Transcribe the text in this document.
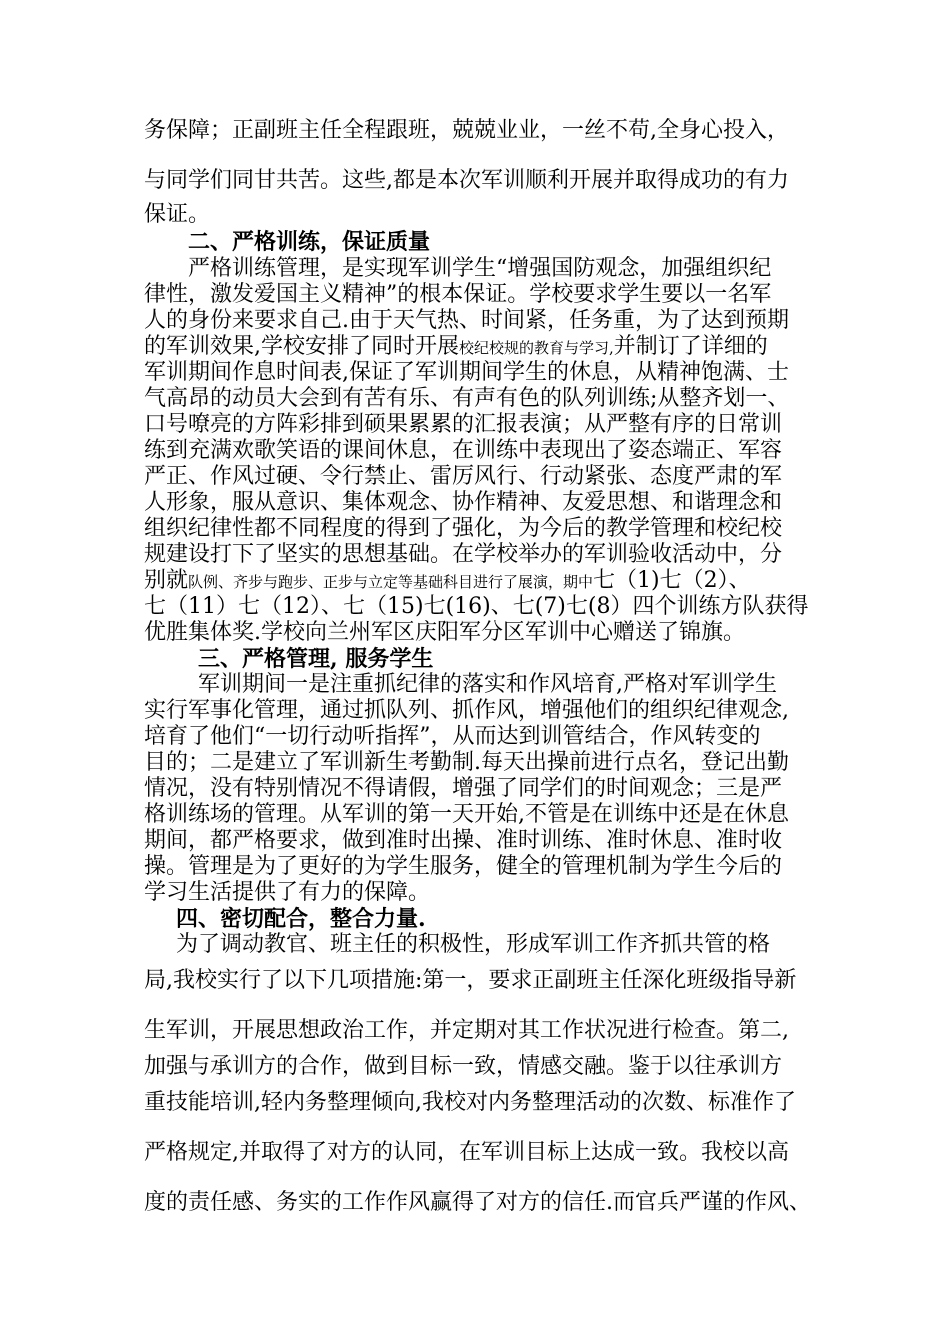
务保障；正副班主任全程跟班，兢兢业业，一丝不苟,全身心投入，

与同学们同甘共苦。这些,都是本次军训顺利开展并取得成功的有力

保证。

二、严格训练，保证质量

严格训练管理，是实现军训学生“增强国防观念，加强组织纪

律性，激发爱国主义精神”的根本保证。学校要求学生要以一名军

人的身份来要求自己.由于天气热、时间紧，任务重，为了达到预期

的军训效果,学校安排了同时开展校纪校规的教育与学习,并制订了详细的

军训期间作息时间表,保证了军训期间学生的休息，从精神饱满、士

气高昂的动员大会到有苦有乐、有声有色的队列训练;从整齐划一、

口号嘹亮的方阵彩排到硕果累累的汇报表演；从严整有序的日常训

练到充满欢歌笑语的课间休息，在训练中表现出了姿态端正、军容

严正、作风过硬、令行禁止、雷厉风行、行动紧张、态度严肃的军

人形象，服从意识、集体观念、协作精神、友爱思想、和谐理念和

组织纪律性都不同程度的得到了强化，为今后的教学管理和校纪校

规建设打下了坚实的思想基础。在学校举办的军训验收活动中，分

别就队例、齐步与跑步、正步与立定等基础科目进行了展演，期中七（1)七（2）、

七（11）七（12）、七（15)七(16)、七(7)七(8）四个训练方队获得

优胜集体奖.学校向兰州军区庆阳军分区军训中心赠送了锦旗。

三、严格管理, 服务学生

军训期间一是注重抓纪律的落实和作风培育,严格对军训学生

实行军事化管理，通过抓队列、抓作风，增强他们的组织纪律观念,

培育了他们“一切行动听指挥”，从而达到训管结合，作风转变的

目的；二是建立了军训新生考勤制.每天出操前进行点名，登记出勤

情况，没有特别情况不得请假，增强了同学们的时间观念；三是严

格训练场的管理。从军训的第一天开始,不管是在训练中还是在休息

期间，都严格要求，做到准时出操、准时训练、准时休息、准时收

操。管理是为了更好的为学生服务，健全的管理机制为学生今后的

学习生活提供了有力的保障。

四、密切配合，整合力量.

为了调动教官、班主任的积极性，形成军训工作齐抓共管的格

局,我校实行了以下几项措施:第一，要求正副班主任深化班级指导新

生军训，开展思想政治工作，并定期对其工作状况进行检查。第二,

加强与承训方的合作，做到目标一致，情感交融。鉴于以往承训方

重技能培训,轻内务整理倾向,我校对内务整理活动的次数、标准作了

严格规定,并取得了对方的认同，在军训目标上达成一致。我校以高

度的责任感、务实的工作作风赢得了对方的信任.而官兵严谨的作风、
